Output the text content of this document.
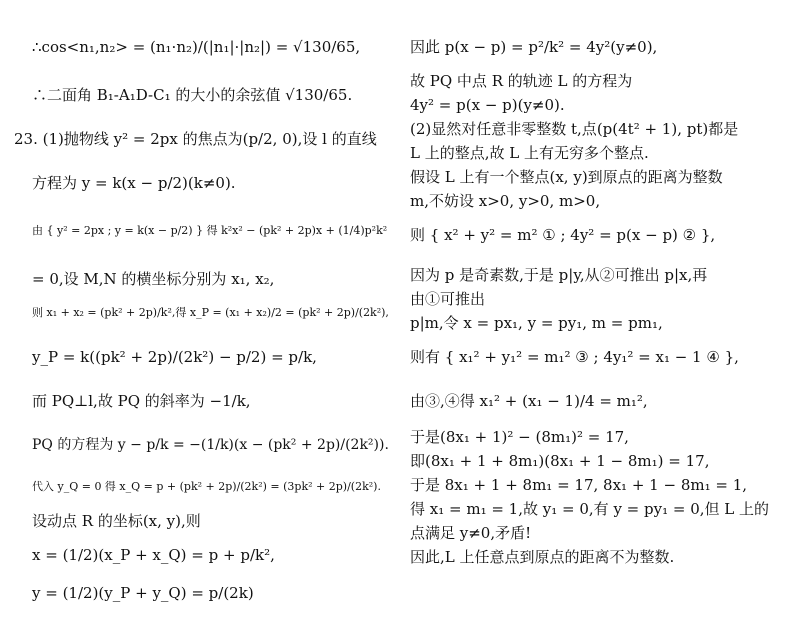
∴cos<n₁,n₂> = (n₁·n₂)/(|n₁|·|n₂|) = √130/65,
∴二面角 B₁-A₁D-C₁ 的大小的余弦值 √130/65.
23. (1)抛物线 y² = 2px 的焦点为(p/2, 0),设 l 的直线
方程为 y = k(x − p/2)(k≠0).
由 { y² = 2px ; y = k(x − p/2) } 得 k²x² − (pk² + 2p)x + (1/4)p²k²
= 0,设 M,N 的横坐标分别为 x₁, x₂,
则 x₁ + x₂ = (pk² + 2p)/k²,得 x_P = (x₁ + x₂)/2 = (pk² + 2p)/(2k²),
y_P = k((pk² + 2p)/(2k²) − p/2) = p/k,
而 PQ⊥l,故 PQ 的斜率为 −1/k,
PQ 的方程为 y − p/k = −(1/k)(x − (pk² + 2p)/(2k²)).
代入 y_Q = 0 得 x_Q = p + (pk² + 2p)/(2k²) = (3pk² + 2p)/(2k²).
设动点 R 的坐标(x, y),则
x = (1/2)(x_P + x_Q) = p + p/k²,
y = (1/2)(y_P + y_Q) = p/(2k)
因此 p(x − p) = p²/k² = 4y²(y≠0),
故 PQ 中点 R 的轨迹 L 的方程为
4y² = p(x − p)(y≠0).
(2)显然对任意非零整数 t,点(p(4t² + 1), pt)都是
L 上的整点,故 L 上有无穷多个整点.
假设 L 上有一个整点(x, y)到原点的距离为整数
m,不妨设 x>0, y>0, m>0,
则 { x² + y² = m² ① ; 4y² = p(x − p) ② },
因为 p 是奇素数,于是 p|y,从②可推出 p|x,再
由①可推出
p|m,令 x = px₁, y = py₁, m = pm₁,
则有 { x₁² + y₁² = m₁² ③ ; 4y₁² = x₁ − 1 ④ },
由③,④得 x₁² + (x₁ − 1)/4 = m₁²,
于是(8x₁ + 1)² − (8m₁)² = 17,
即(8x₁ + 1 + 8m₁)(8x₁ + 1 − 8m₁) = 17,
于是 8x₁ + 1 + 8m₁ = 17, 8x₁ + 1 − 8m₁ = 1,
得 x₁ = m₁ = 1,故 y₁ = 0,有 y = py₁ = 0,但 L 上的
点满足 y≠0,矛盾!
因此,L 上任意点到原点的距离不为整数.
